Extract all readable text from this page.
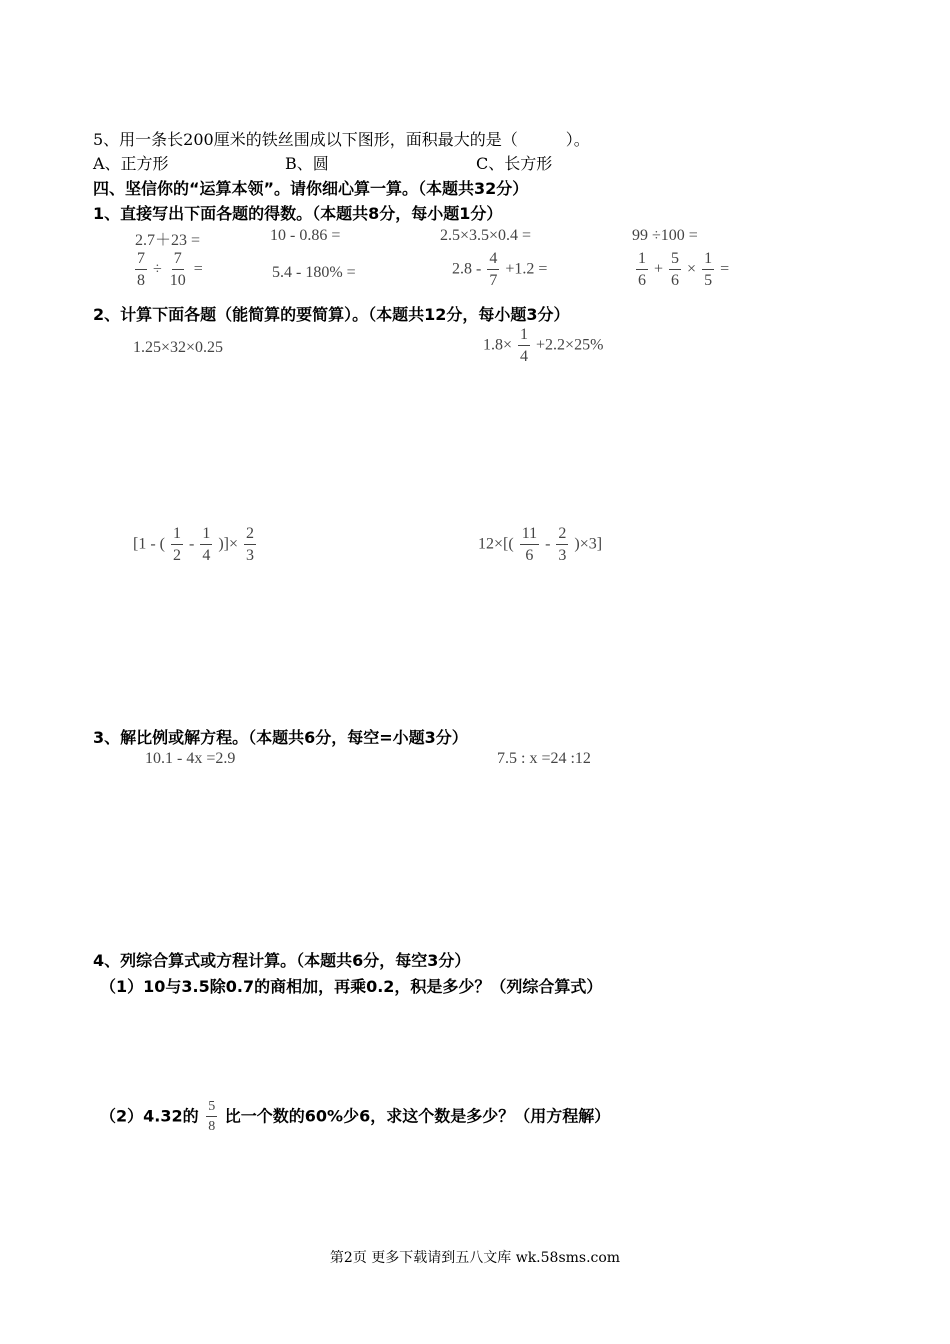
5、用一条长200厘米的铁丝围成以下图形，面积最大的是（　　　）。
A、正方形	B、圆	C、长方形
四、坚信你的“运算本领”。请你细心算一算。（本题共32分）
1、直接写出下面各题的得数。（本题共8分，每小题1分）
2.7＋23 =	10 - 0.86 =	2.5×3.5×0.4 =	99 ÷100 =
$\frac{7}{8} \div \frac{7}{10}$ =	5.4 - 180% =	$2.8 - \frac{4}{7} +1.2$ =	$\frac{1}{6} + \frac{5}{6} \times \frac{1}{5}$ =
2、计算下面各题（能简算的要简算）。（本题共12分，每小题3分）
1.25×32×0.25	$1.8\times \frac{1}{4} +2.2\times 25\%$
[1 - ( $\frac{1}{2} - \frac{1}{4}$ )]× $\frac{2}{3}$	$12\times[( \frac{11}{6} - \frac{2}{3} )\times 3]$
3、解比例或解方程。（本题共6分，每空=小题3分）
10.1 - 4x =2.9	7.5 : x =24 :12
4、列综合算式或方程计算。（本题共6分，每空3分）
（1）10与3.5除0.7的商相加，再乘0.2，积是多少？（列综合算式）
（2）4.32的 $\frac{5}{8}$ 比一个数的60%少6，求这个数是多少？（用方程解）
第2页 更多下载请到五八文库 wk.58sms.com
